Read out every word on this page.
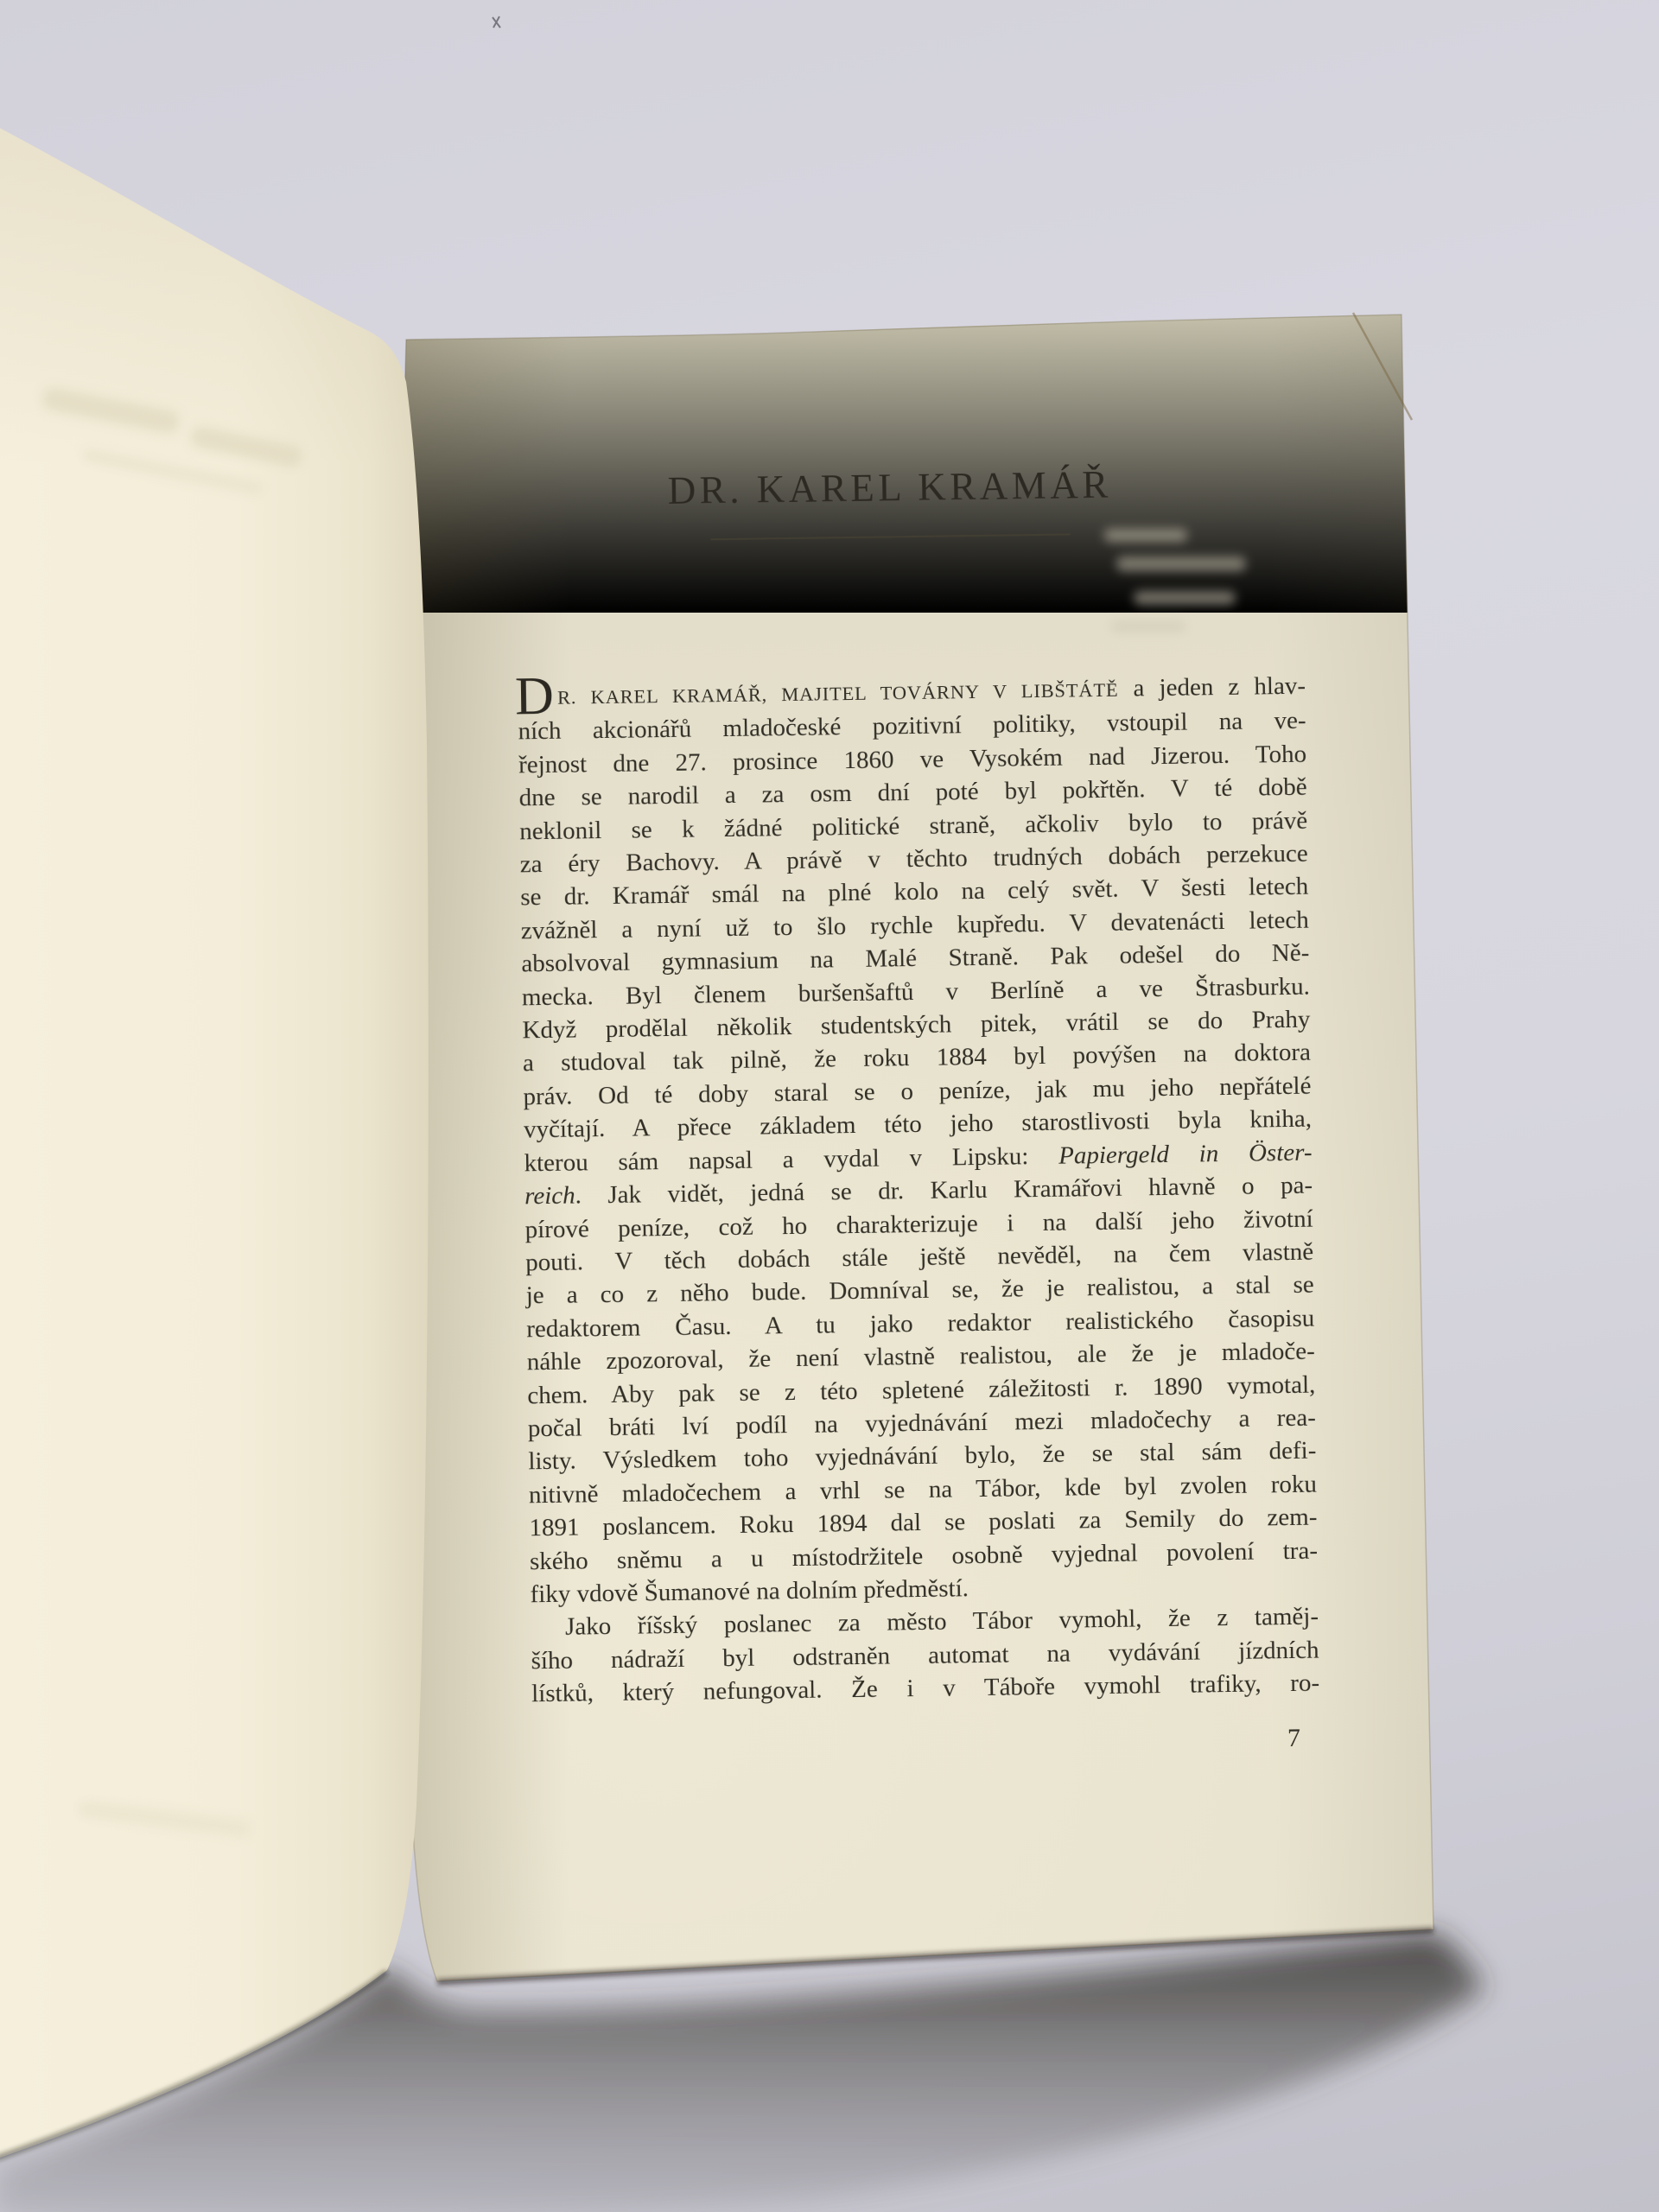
DR. KAREL KRAMÁŘ
D R. KAREL KRAMÁŘ, MAJITEL TOVÁRNY V LIBŠTÁTĚ a jeden z hlav-
ních akcionářů mladočeské pozitivní politiky, vstoupil na ve-
řejnost dne 27. prosince 1860 ve Vysokém nad Jizerou. Toho
dne se narodil a za osm dní poté byl pokřtěn. V té době
neklonil se k žádné politické straně, ačkoliv bylo to právě
za éry Bachovy. A právě v těchto trudných dobách perzekuce
se dr. Kramář smál na plné kolo na celý svět. V šesti letech
zvážněl a nyní už to šlo rychle kupředu. V devatenácti letech
absolvoval gymnasium na Malé Straně. Pak odešel do Ně-
mecka. Byl členem buršenšaftů v Berlíně a ve Štrasburku.
Když prodělal několik studentských pitek, vrátil se do Prahy
a studoval tak pilně, že roku 1884 byl povýšen na doktora
práv. Od té doby staral se o peníze, jak mu jeho nepřátelé
vyčítají. A přece základem této jeho starostlivosti byla kniha,
kterou sám napsal a vydal v Lipsku: Papiergeld in Öster-
reich. Jak vidět, jedná se dr. Karlu Kramářovi hlavně o pa-
pírové peníze, což ho charakterizuje i na další jeho životní
pouti. V těch dobách stále ještě nevěděl, na čem vlastně
je a co z něho bude. Domníval se, že je realistou, a stal se
redaktorem Času. A tu jako redaktor realistického časopisu
náhle zpozoroval, že není vlastně realistou, ale že je mladoče-
chem. Aby pak se z této spletené záležitosti r. 1890 vymotal,
počal bráti lví podíl na vyjednávání mezi mladočechy a rea-
listy. Výsledkem toho vyjednávání bylo, že se stal sám defi-
nitivně mladočechem a vrhl se na Tábor, kde byl zvolen roku
1891 poslancem. Roku 1894 dal se poslati za Semily do zem-
ského sněmu a u místodržitele osobně vyjednal povolení tra-
fiky vdově Šumanové na dolním předměstí.
Jako říšský poslanec za město Tábor vymohl, že z taměj-
šího nádraží byl odstraněn automat na vydávání jízdních
lístků, který nefungoval. Že i v Táboře vymohl trafiky, ro-
7
